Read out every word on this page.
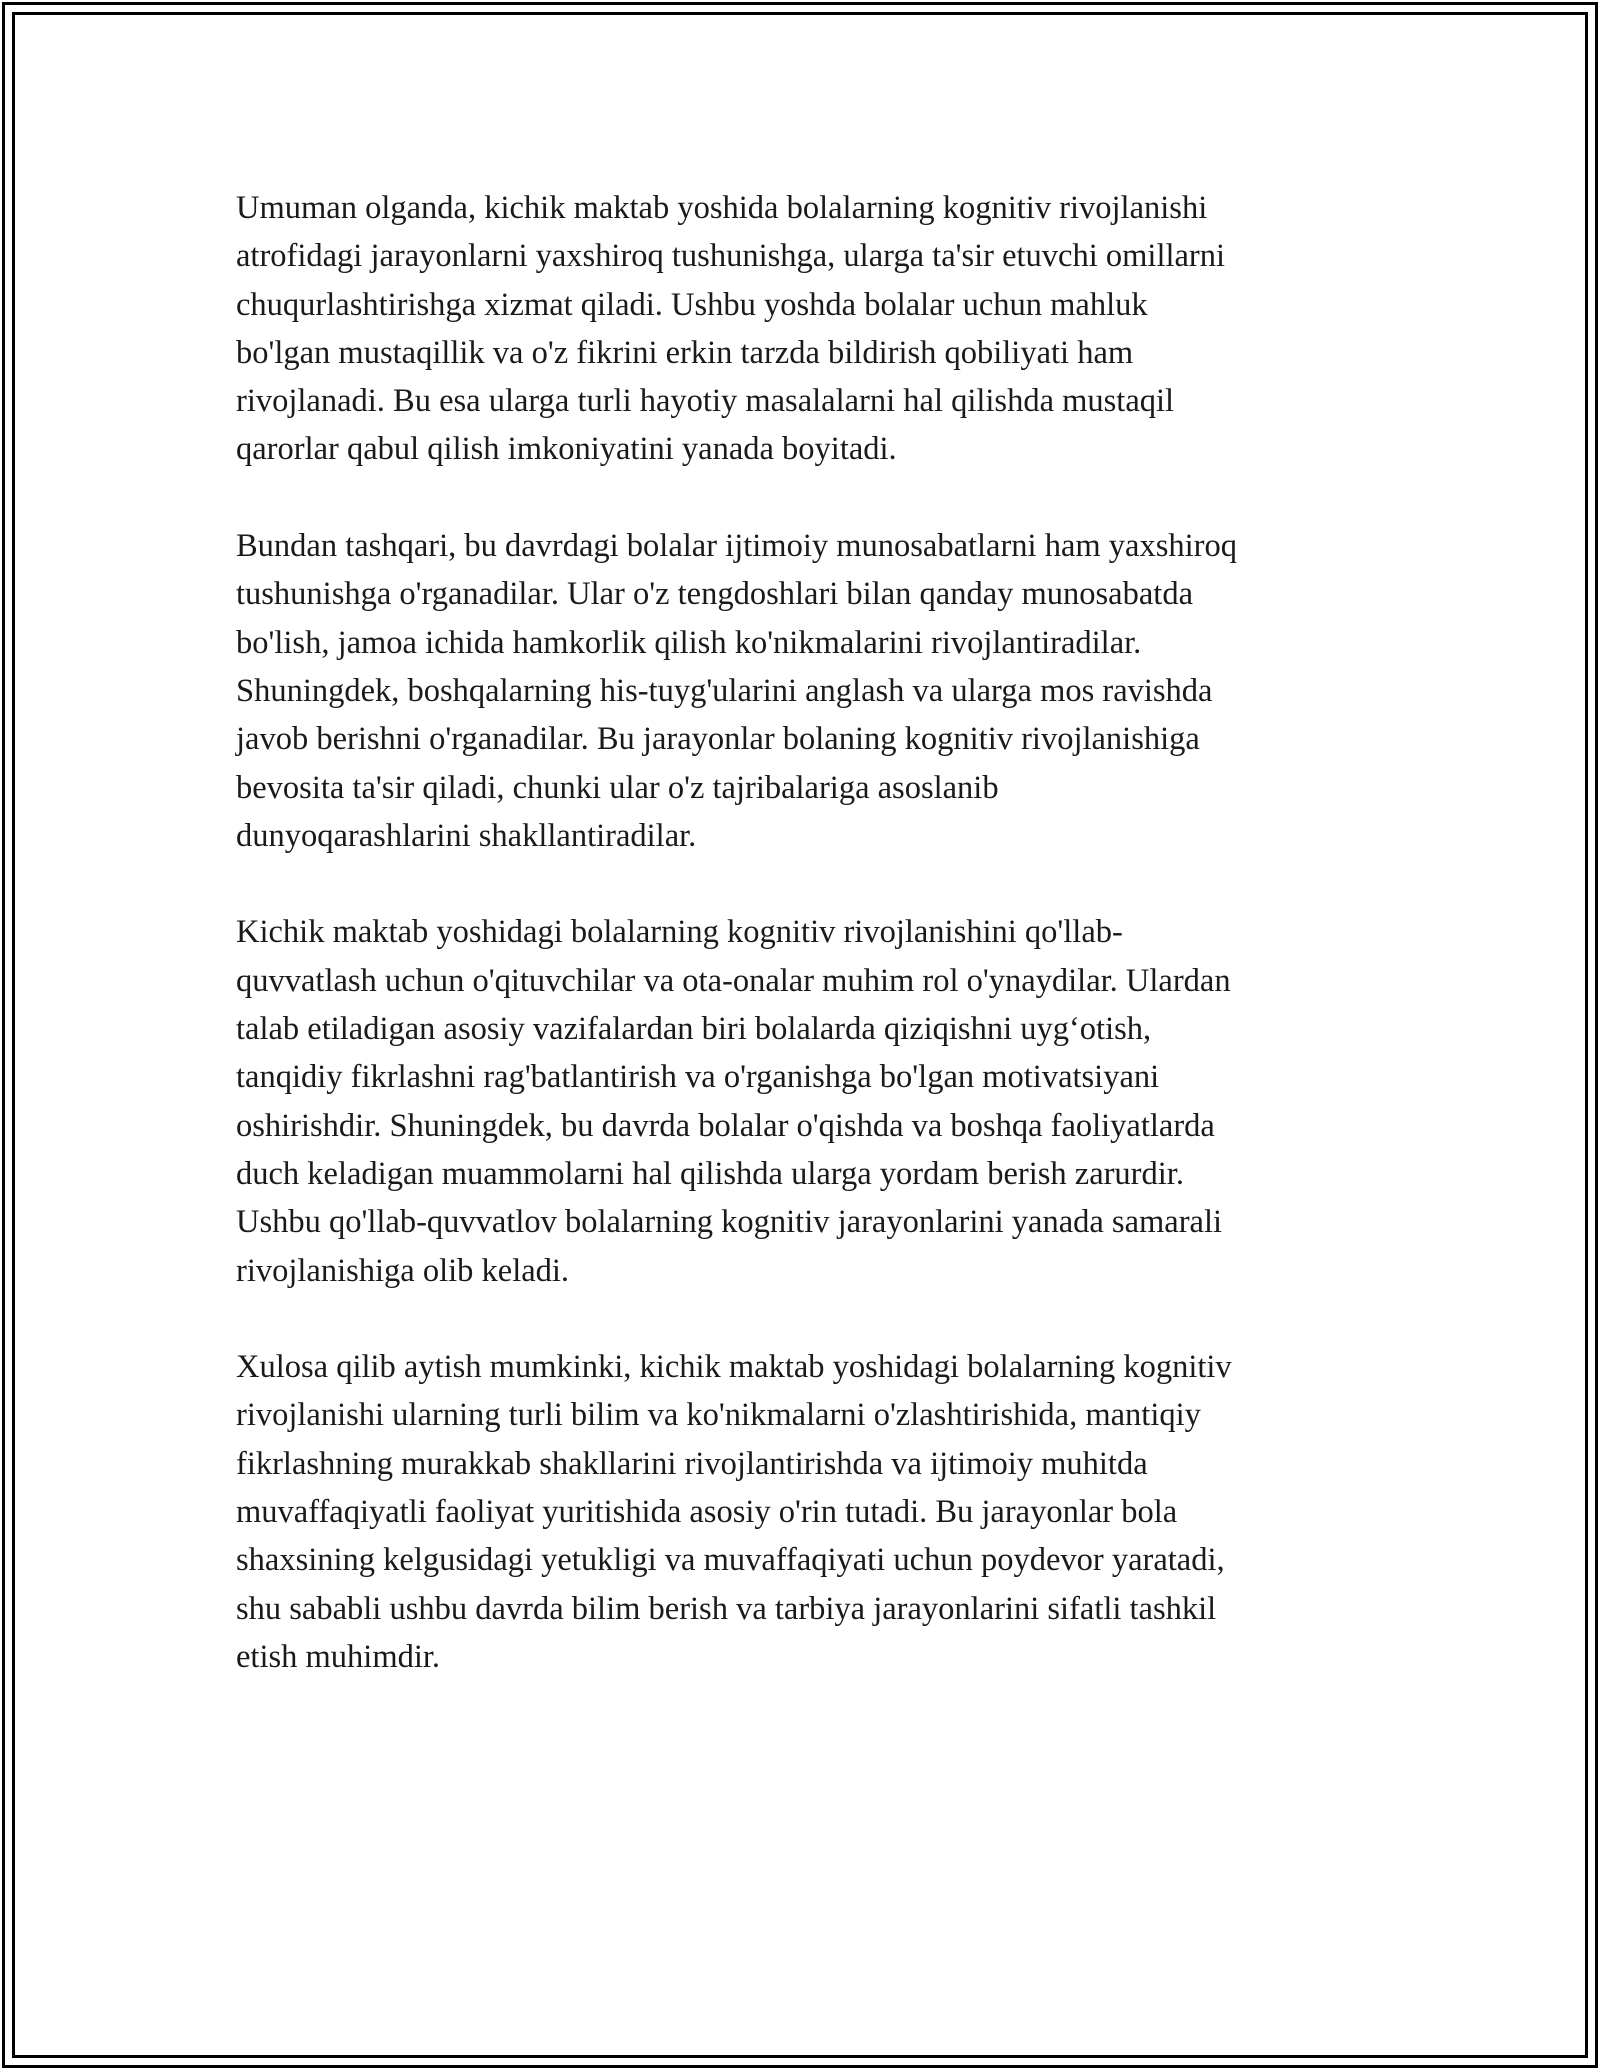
Umuman olganda, kichik maktab yoshida bolalarning kognitiv rivojlanishi
atrofidagi jarayonlarni yaxshiroq tushunishga, ularga ta'sir etuvchi omillarni
chuqurlashtirishga xizmat qiladi. Ushbu yoshda bolalar uchun mahluk
bo'lgan mustaqillik va o'z fikrini erkin tarzda bildirish qobiliyati ham
rivojlanadi. Bu esa ularga turli hayotiy masalalarni hal qilishda mustaqil
qarorlar qabul qilish imkoniyatini yanada boyitadi.

Bundan tashqari, bu davrdagi bolalar ijtimoiy munosabatlarni ham yaxshiroq
tushunishga o'rganadilar. Ular o'z tengdoshlari bilan qanday munosabatda
bo'lish, jamoa ichida hamkorlik qilish ko'nikmalarini rivojlantiradilar.
Shuningdek, boshqalarning his-tuyg'ularini anglash va ularga mos ravishda
javob berishni o'rganadilar. Bu jarayonlar bolaning kognitiv rivojlanishiga
bevosita ta'sir qiladi, chunki ular o'z tajribalariga asoslanib
dunyoqarashlarini shakllantiradilar.

Kichik maktab yoshidagi bolalarning kognitiv rivojlanishini qo'llab-
quvvatlash uchun o'qituvchilar va ota-onalar muhim rol o'ynaydilar. Ulardan
talab etiladigan asosiy vazifalardan biri bolalarda qiziqishni uyg‘otish,
tanqidiy fikrlashni rag'batlantirish va o'rganishga bo'lgan motivatsiyani
oshirishdir. Shuningdek, bu davrda bolalar o'qishda va boshqa faoliyatlarda
duch keladigan muammolarni hal qilishda ularga yordam berish zarurdir.
Ushbu qo'llab-quvvatlov bolalarning kognitiv jarayonlarini yanada samarali
rivojlanishiga olib keladi.

Xulosa qilib aytish mumkinki, kichik maktab yoshidagi bolalarning kognitiv
rivojlanishi ularning turli bilim va ko'nikmalarni o'zlashtirishida, mantiqiy
fikrlashning murakkab shakllarini rivojlantirishda va ijtimoiy muhitda
muvaffaqiyatli faoliyat yuritishida asosiy o'rin tutadi. Bu jarayonlar bola
shaxsining kelgusidagi yetukligi va muvaffaqiyati uchun poydevor yaratadi,
shu sababli ushbu davrda bilim berish va tarbiya jarayonlarini sifatli tashkil
etish muhimdir.
